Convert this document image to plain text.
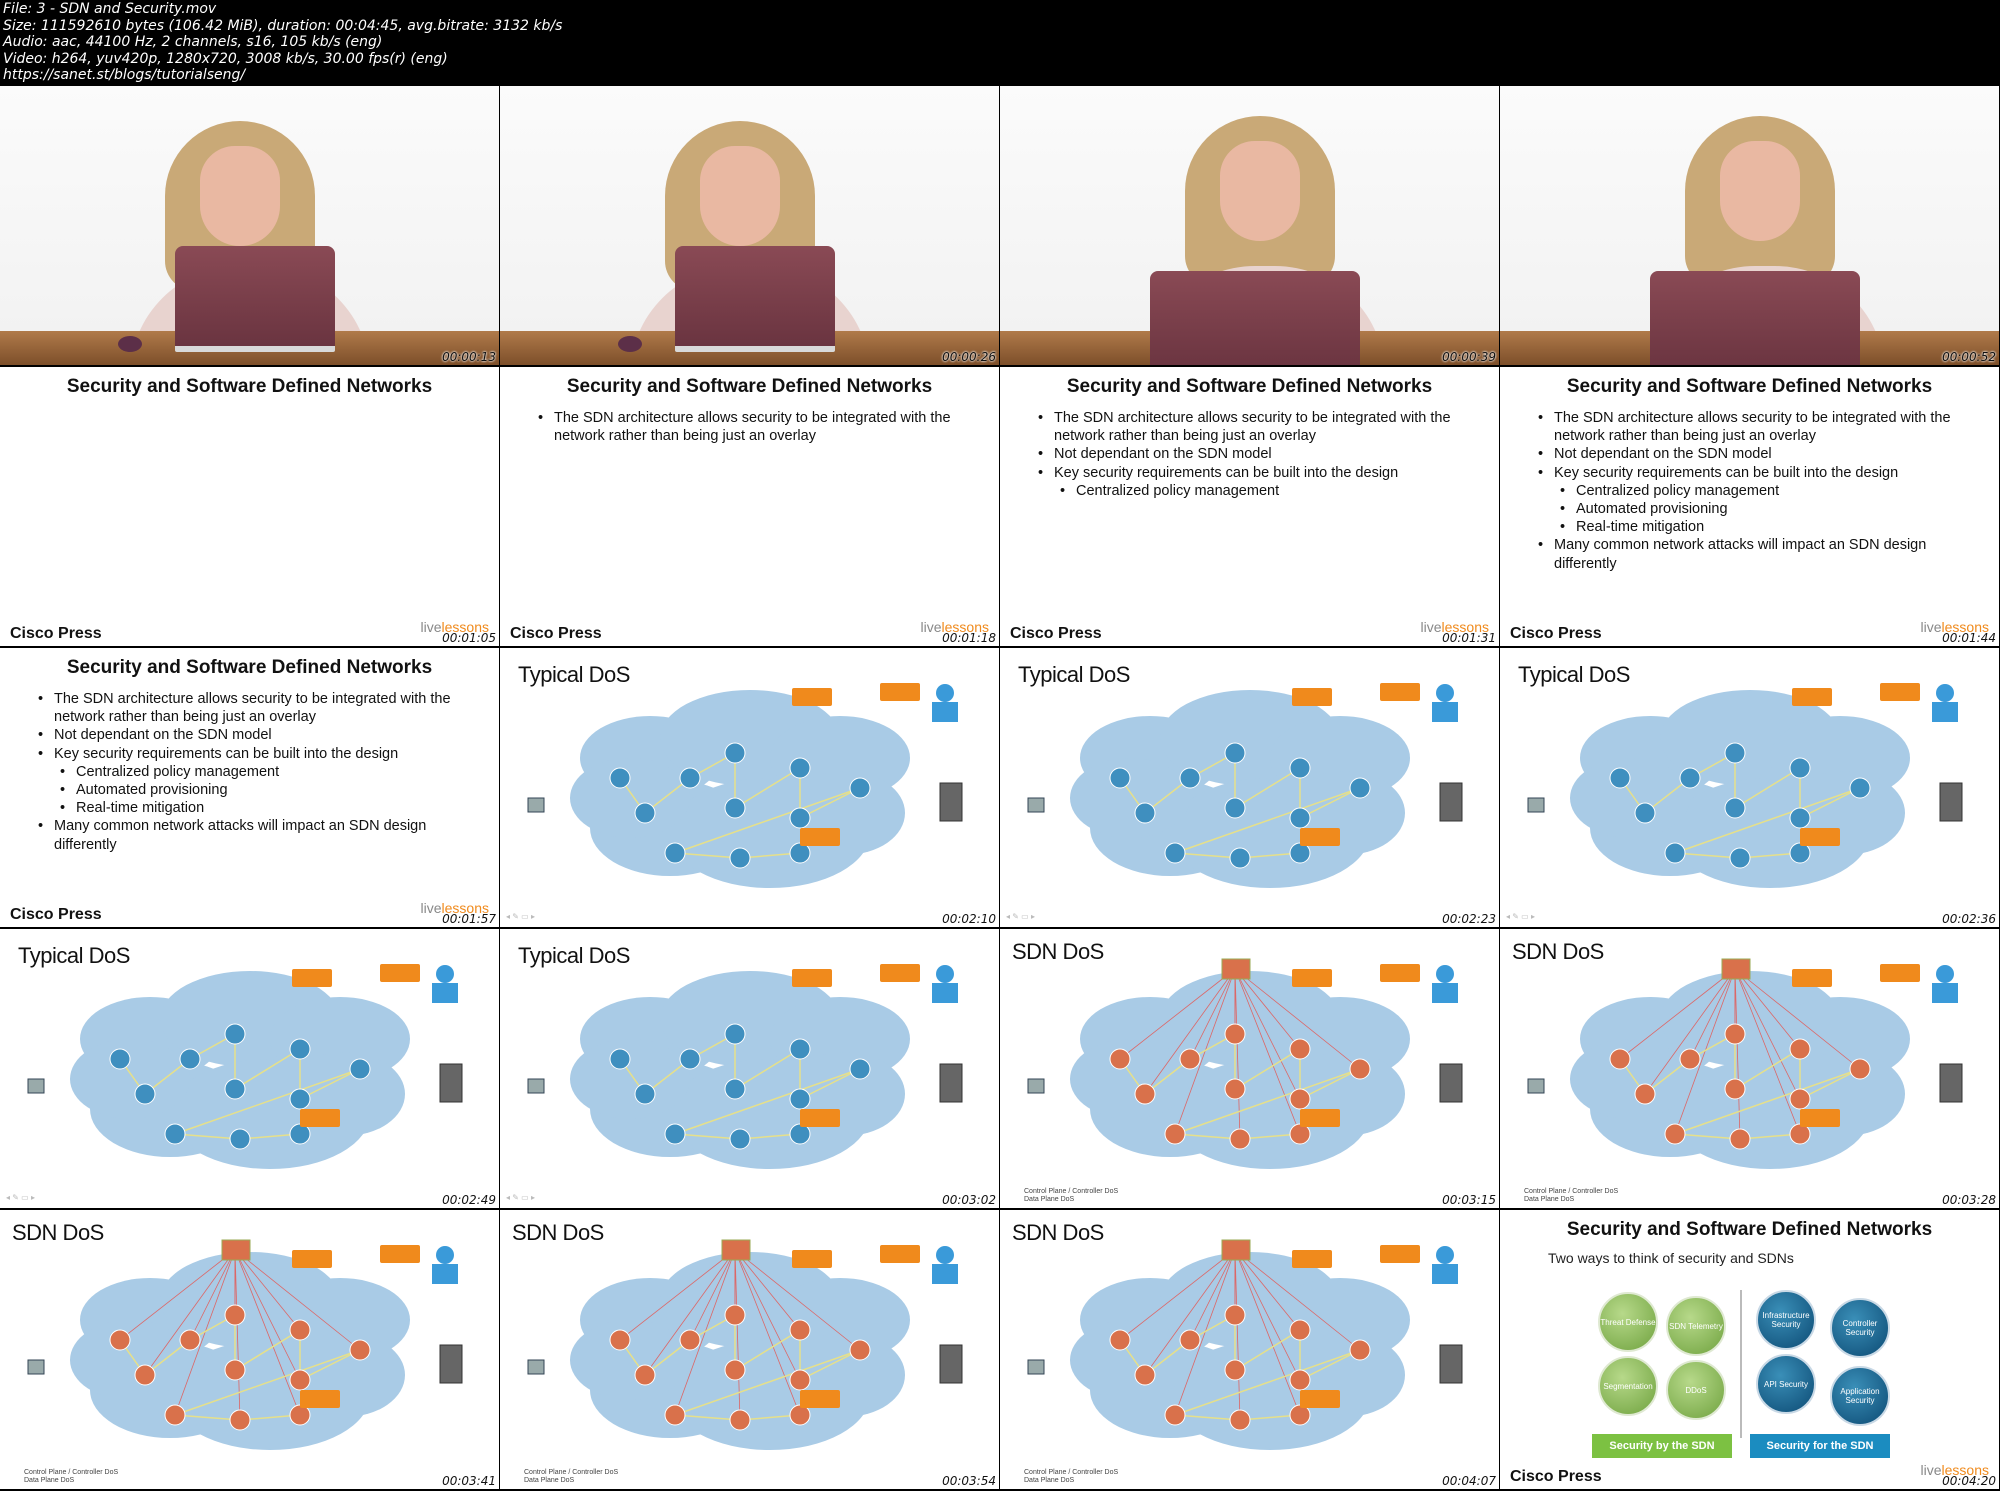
File: 3 - SDN and Security.mov
Size: 111592610 bytes (106.42 MiB), duration: 00:04:45, avg.bitrate: 3132 kb/s
Audio: aac, 44100 Hz, 2 channels, s16, 105 kb/s (eng)
Video: h264, yuv420p, 1280x720, 3008 kb/s, 30.00 fps(r) (eng)
https://sanet.st/blogs/tutorialseng/
00:00:13	00:00:26	00:00:39	00:00:52
Security and Software Defined Networks
Cisco Press	livelessons
00:01:05
Security and Software Defined Networks
• The SDN architecture allows security to be integrated with the network rather than being just an overlay
Cisco Press	livelessons
00:01:18
Security and Software Defined Networks
• The SDN architecture allows security to be integrated with the network rather than being just an overlay
• Not dependant on the SDN model
• Key security requirements can be built into the design
• Centralized policy management
Cisco Press	livelessons
00:01:31
Security and Software Defined Networks
• The SDN architecture allows security to be integrated with the network rather than being just an overlay
• Not dependant on the SDN model
• Key security requirements can be built into the design
• Centralized policy management
• Automated provisioning
• Real-time mitigation
• Many common network attacks will impact an SDN design differently
Cisco Press	livelessons
00:01:44
Security and Software Defined Networks
• The SDN architecture allows security to be integrated with the network rather than being just an overlay
• Not dependant on the SDN model
• Key security requirements can be built into the design
• Centralized policy management
• Automated provisioning
• Real-time mitigation
• Many common network attacks will impact an SDN design differently
Cisco Press	livelessons
00:01:57
Typical DoS
◂ ✎ ▭ ▸	00:02:10
Typical DoS
◂ ✎ ▭ ▸	00:02:23
Typical DoS
◂ ✎ ▭ ▸	00:02:36
Typical DoS
◂ ✎ ▭ ▸	00:02:49
Typical DoS
◂ ✎ ▭ ▸	00:03:02
SDN DoS
Control Plane / Controller DoS
Data Plane DoS	00:03:15
SDN DoS
Control Plane / Controller DoS
Data Plane DoS	00:03:28
SDN DoS
Control Plane / Controller DoS
Data Plane DoS	00:03:41
SDN DoS
Control Plane / Controller DoS
Data Plane DoS	00:03:54
SDN DoS
Control Plane / Controller DoS
Data Plane DoS	00:04:07
Security and Software Defined Networks
Two ways to think of security and SDNs
Threat Defense	SDN Telemetry
Segmentation	DDoS
Infrastructure Security	Controller Security
API Security
Application Security
Security by the SDN	Security for the SDN
Cisco Press	livelessons
00:04:20
